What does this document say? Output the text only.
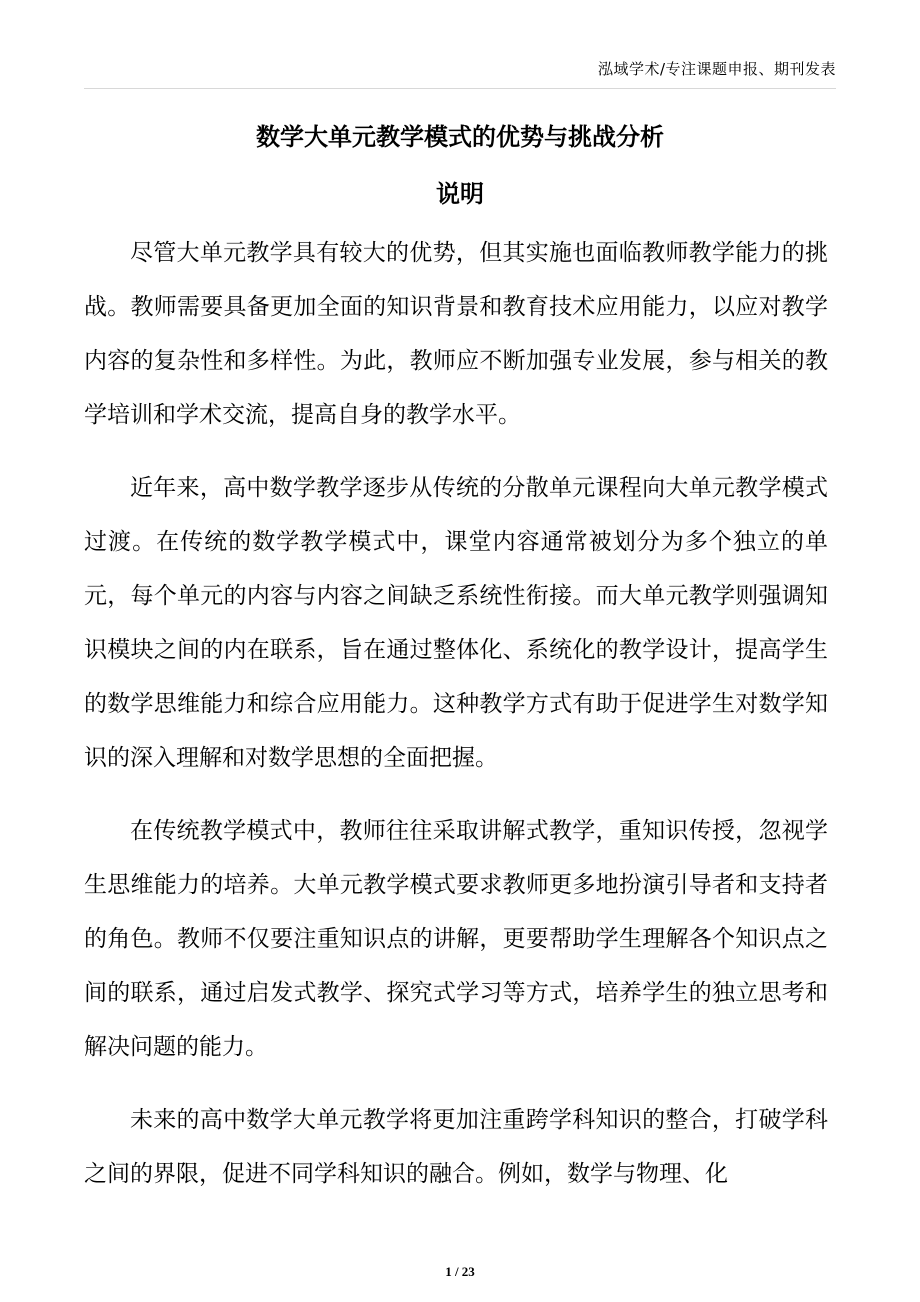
泓域学术/专注课题申报、期刊发表
数学大单元教学模式的优势与挑战分析
说明

尽管大单元教学具有较大的优势，但其实施也面临教师教学能力的挑战。教师需要具备更加全面的知识背景和教育技术应用能力，以应对教学内容的复杂性和多样性。为此，教师应不断加强专业发展，参与相关的教学培训和学术交流，提高自身的教学水平。

近年来，高中数学教学逐步从传统的分散单元课程向大单元教学模式过渡。在传统的数学教学模式中，课堂内容通常被划分为多个独立的单元，每个单元的内容与内容之间缺乏系统性衔接。而大单元教学则强调知识模块之间的内在联系，旨在通过整体化、系统化的教学设计，提高学生的数学思维能力和综合应用能力。这种教学方式有助于促进学生对数学知识的深入理解和对数学思想的全面把握。

在传统教学模式中，教师往往采取讲解式教学，重知识传授，忽视学生思维能力的培养。大单元教学模式要求教师更多地扮演引导者和支持者的角色。教师不仅要注重知识点的讲解，更要帮助学生理解各个知识点之间的联系，通过启发式教学、探究式学习等方式，培养学生的独立思考和解决问题的能力。

未来的高中数学大单元教学将更加注重跨学科知识的整合，打破学科之间的界限，促进不同学科知识的融合。例如，数学与物理、化

1 / 23
